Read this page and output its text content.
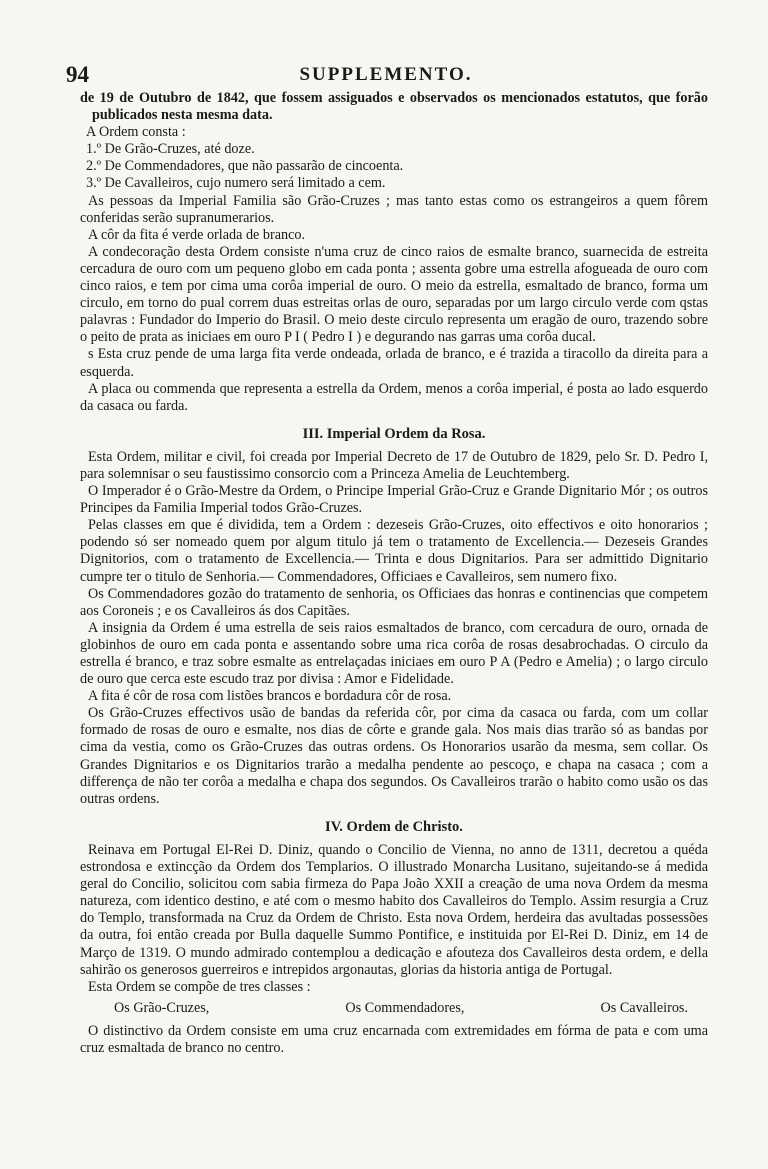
94	SUPPLEMENTO.

de 19 de Outubro de 1842, que fossem assiguados e observados os mencionados estatutos, que forão publicados nesta mesma data.

A Ordem consta :

1.º De Grão-Cruzes, até doze.

2.º De Commendadores, que não passarão de cincoenta.

3.º De Cavalleiros, cujo numero será limitado a cem.

As pessoas da Imperial Familia são Grão-Cruzes ; mas tanto estas como os estrangeiros a quem fôrem conferidas serão supranumerarios.

A côr da fita é verde orlada de branco.

A condecoração desta Ordem consiste n'uma cruz de cinco raios de esmalte branco, suarnecida de estreita cercadura de ouro com um pequeno globo em cada ponta ; assenta gobre uma estrella afogueada de ouro com cinco raios, e tem por cima uma corôa imperial de ouro. O meio da estrella, esmaltado de branco, forma um circulo, em torno do pual correm duas estreitas orlas de ouro, separadas por um largo circulo verde com qstas palavras : Fundador do Imperio do Brasil. O meio deste circulo representa um eragão de ouro, trazendo sobre o peito de prata as iniciaes em ouro P I ( Pedro I ) e degurando nas garras uma corôa ducal.

s Esta cruz pende de uma larga fita verde ondeada, orlada de branco, e é trazida a tiracollo da direita para a esquerda.

A placa ou commenda que representa a estrella da Ordem, menos a corôa imperial, é posta ao lado esquerdo da casaca ou farda.

III. Imperial Ordem da Rosa.

Esta Ordem, militar e civil, foi creada por Imperial Decreto de 17 de Outubro de 1829, pelo Sr. D. Pedro I, para solemnisar o seu faustissimo consorcio com a Princeza Amelia de Leuchtemberg.

O Imperador é o Grão-Mestre da Ordem, o Principe Imperial Grão-Cruz e Grande Dignitario Mór ; os outros Principes da Familia Imperial todos Grão-Cruzes.

Pelas classes em que é dividida, tem a Ordem : dezeseis Grão-Cruzes, oito effectivos e oito honorarios ; podendo só ser nomeado quem por algum titulo já tem o tratamento de Excellencia.— Dezeseis Grandes Dignitorios, com o tratamento de Excellencia.— Trinta e dous Dignitarios. Para ser admittido Dignitario cumpre ter o titulo de Senhoria.— Commendadores, Officiaes e Cavalleiros, sem numero fixo.

Os Commendadores gozão do tratamento de senhoria, os Officiaes das honras e continencias que competem aos Coroneis ; e os Cavalleiros ás dos Capitães.

A insignia da Ordem é uma estrella de seis raios esmaltados de branco, com cercadura de ouro, ornada de globinhos de ouro em cada ponta e assentando sobre uma rica corôa de rosas desabrochadas. O circulo da estrella é branco, e traz sobre esmalte as entrelaçadas iniciaes em ouro P A (Pedro e Amelia) ; o largo circulo de ouro que cerca este escudo traz por divisa : Amor e Fidelidade.

A fita é côr de rosa com listões brancos e bordadura côr de rosa.

Os Grão-Cruzes effectivos usão de bandas da referida côr, por cima da casaca ou farda, com um collar formado de rosas de ouro e esmalte, nos dias de côrte e grande gala. Nos mais dias trarão só as bandas por cima da vestia, como os Grão-Cruzes das outras ordens. Os Honorarios usarão da mesma, sem collar. Os Grandes Dignitarios e os Dignitarios trarão a medalha pendente ao pescoço, e chapa na casaca ; com a differença de não ter corôa a medalha e chapa dos segundos. Os Cavalleiros trarão o habito como usão os das outras ordens.

IV. Ordem de Christo.

Reinava em Portugal El-Rei D. Diniz, quando o Concilio de Vienna, no anno de 1311, decretou a quéda estrondosa e extincção da Ordem dos Templarios. O illustrado Monarcha Lusitano, sujeitando-se á medida geral do Concilio, solicitou com sabia firmeza do Papa João XXII a creação de uma nova Ordem da mesma natureza, com identico destino, e até com o mesmo habito dos Cavalleiros do Templo. Assim resurgia a Cruz do Templo, transformada na Cruz da Ordem de Christo. Esta nova Ordem, herdeira das avultadas possessões da outra, foi então creada por Bulla daquelle Summo Pontifice, e instituida por El-Rei D. Diniz, em 14 de Março de 1319. O mundo admirado contemplou a dedicação e afouteza dos Cavalleiros desta ordem, e della sahirão os generosos guerreiros e intrepidos argonautas, glorias da historia antiga de Portugal.

Esta Ordem se compõe de tres classes :

Os Grão-Cruzes,	Os Commendadores,	Os Cavalleiros.

O distinctivo da Ordem consiste em uma cruz encarnada com extremidades em fórma de pata e com uma cruz esmaltada de branco no centro.
